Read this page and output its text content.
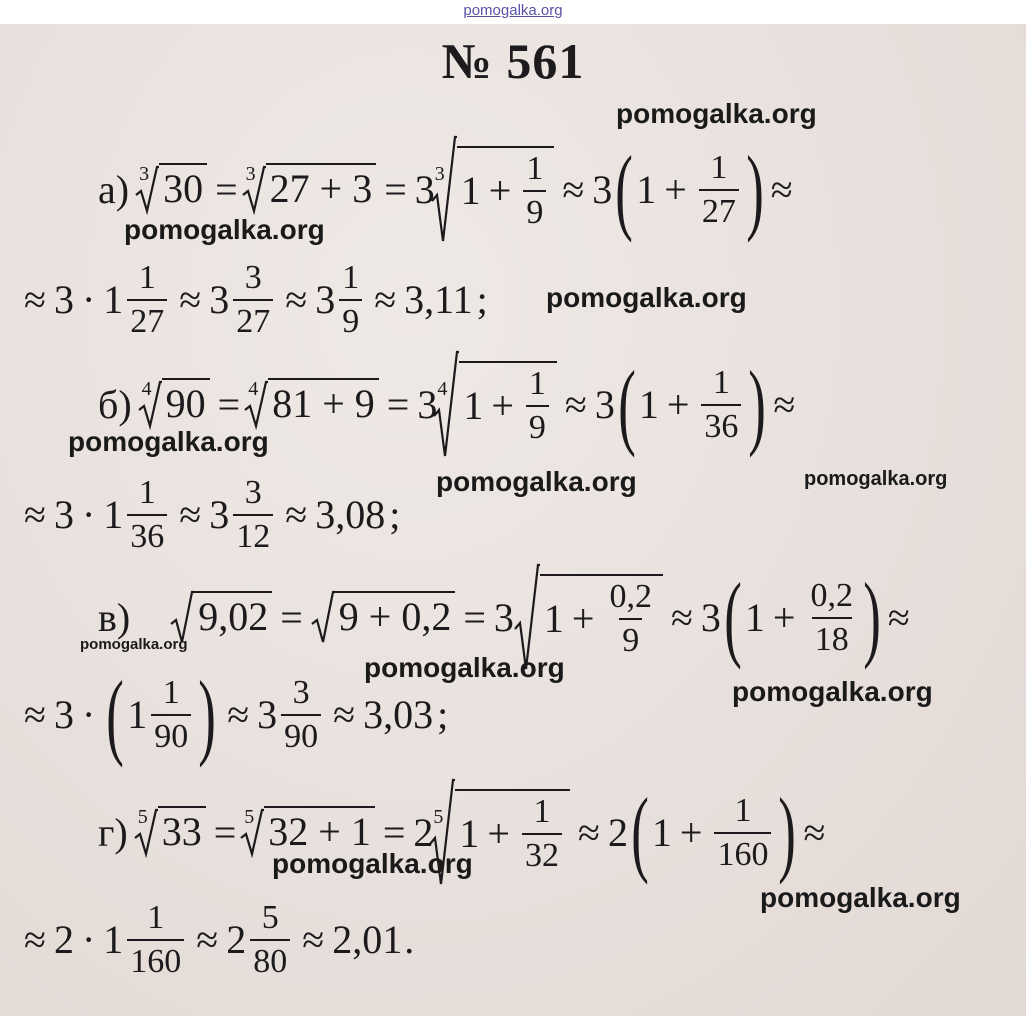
pomogalka.org
№ 561
а) 3 30 = 3 27 + 3 = 3 3 $1 + \frac{1}{9} \approx 3$ ( $1 + \frac{1}{27}$ ) ≈
≈ $3 \cdot 1 \frac{1}{27} \approx 3 \frac{3}{27} \approx 3 \frac{1}{9} \approx 3,11$ ;
б) 4 90 = 4 81 + 9 = 3 4 $1 + \frac{1}{9} \approx 3$ ( $1 + \frac{1}{36}$ ) ≈
≈ $3 \cdot 1 \frac{1}{36} \approx 3 \frac{3}{12} \approx 3,08$ ;
в) 9,02 = 9 + 0,2 = 3 $1 + \frac{0,2}{9} \approx 3$ ( $1 + \frac{0,2}{18}$ ) ≈
≈ 3 · ( $1 \frac{1}{90}$ ) ≈ $3 \frac{3}{90} \approx 3,03$ ;
г) 5 33 = 5 32 + 1 = 2 5 $1 + \frac{1}{32} \approx 2$ ( $1 + \frac{1}{160}$ ) ≈
≈ $2 \cdot 1 \frac{1}{160} \approx 2 \frac{5}{80} \approx 2,01$ .
pomogalka.org
pomogalka.org
pomogalka.org
pomogalka.org
pomogalka.org	pomogalka.org
pomogalka.org
pomogalka.org
pomogalka.org
pomogalka.org
pomogalka.org
